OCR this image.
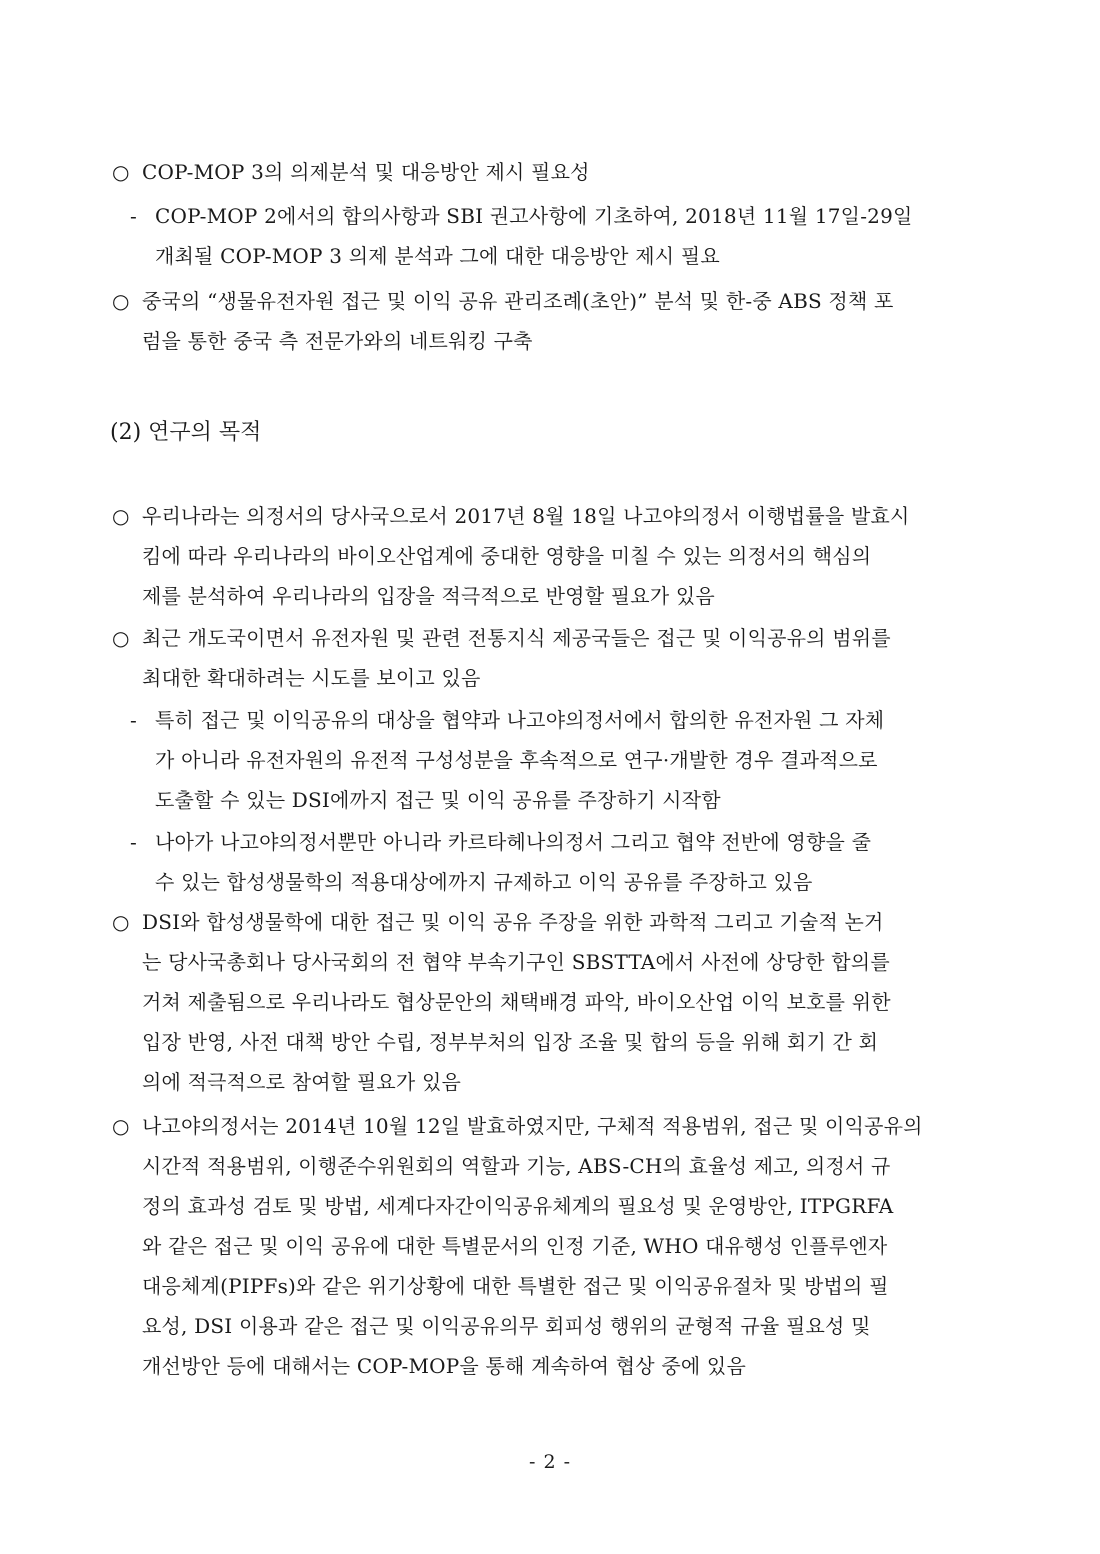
○ COP-MOP 3의 의제분석 및 대응방안 제시 필요성
- COP-MOP 2에서의 합의사항과 SBI 권고사항에 기초하여, 2018년 11월 17일-29일
개최될 COP-MOP 3 의제 분석과 그에 대한 대응방안 제시 필요
○ 중국의 “생물유전자원 접근 및 이익 공유 관리조례(초안)” 분석 및 한-중 ABS 정책 포
럼을 통한 중국 측 전문가와의 네트워킹 구축
(2) 연구의 목적
○ 우리나라는 의정서의 당사국으로서 2017년 8월 18일 나고야의정서 이행법률을 발효시
킴에 따라 우리나라의 바이오산업계에 중대한 영향을 미칠 수 있는 의정서의 핵심의
제를 분석하여 우리나라의 입장을 적극적으로 반영할 필요가 있음
○ 최근 개도국이면서 유전자원 및 관련 전통지식 제공국들은 접근 및 이익공유의 범위를
최대한 확대하려는 시도를 보이고 있음
- 특히 접근 및 이익공유의 대상을 협약과 나고야의정서에서 합의한 유전자원 그 자체
가 아니라 유전자원의 유전적 구성성분을 후속적으로 연구·개발한 경우 결과적으로
도출할 수 있는 DSI에까지 접근 및 이익 공유를 주장하기 시작함
- 나아가 나고야의정서뿐만 아니라 카르타헤나의정서 그리고 협약 전반에 영향을 줄
수 있는 합성생물학의 적용대상에까지 규제하고 이익 공유를 주장하고 있음
○ DSI와 합성생물학에 대한 접근 및 이익 공유 주장을 위한 과학적 그리고 기술적 논거
는 당사국총회나 당사국회의 전 협약 부속기구인 SBSTTA에서 사전에 상당한 합의를
거쳐 제출됨으로 우리나라도 협상문안의 채택배경 파악, 바이오산업 이익 보호를 위한
입장 반영, 사전 대책 방안 수립, 정부부처의 입장 조율 및 합의 등을 위해 회기 간 회
의에 적극적으로 참여할 필요가 있음
○ 나고야의정서는 2014년 10월 12일 발효하였지만, 구체적 적용범위, 접근 및 이익공유의
시간적 적용범위, 이행준수위원회의 역할과 기능, ABS-CH의 효율성 제고, 의정서 규
정의 효과성 검토 및 방법, 세계다자간이익공유체계의 필요성 및 운영방안, ITPGRFA
와 같은 접근 및 이익 공유에 대한 특별문서의 인정 기준, WHO 대유행성 인플루엔자
대응체계(PIPFs)와 같은 위기상황에 대한 특별한 접근 및 이익공유절차 및 방법의 필
요성, DSI 이용과 같은 접근 및 이익공유의무 회피성 행위의 균형적 규율 필요성 및
개선방안 등에 대해서는 COP-MOP을 통해 계속하여 협상 중에 있음
- 2 -
